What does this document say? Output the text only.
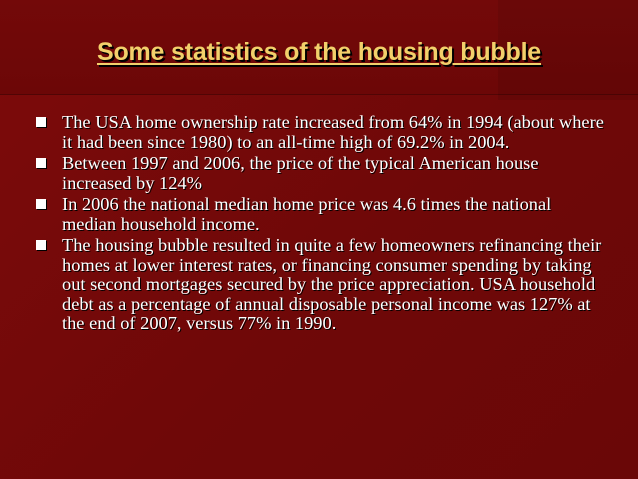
Some statistics of the housing bubble
The USA home ownership rate increased from 64% in 1994 (about where it had been since 1980) to an all-time high of 69.2% in 2004.
Between 1997 and 2006, the price of the typical American house increased by 124%
In 2006 the national median home price was 4.6 times the national median household income.
The housing bubble resulted in quite a few homeowners refinancing their homes at lower interest rates, or financing consumer spending by taking out second mortgages secured by the price appreciation. USA household debt as a percentage of annual disposable personal income was 127% at the end of 2007, versus 77% in 1990.
